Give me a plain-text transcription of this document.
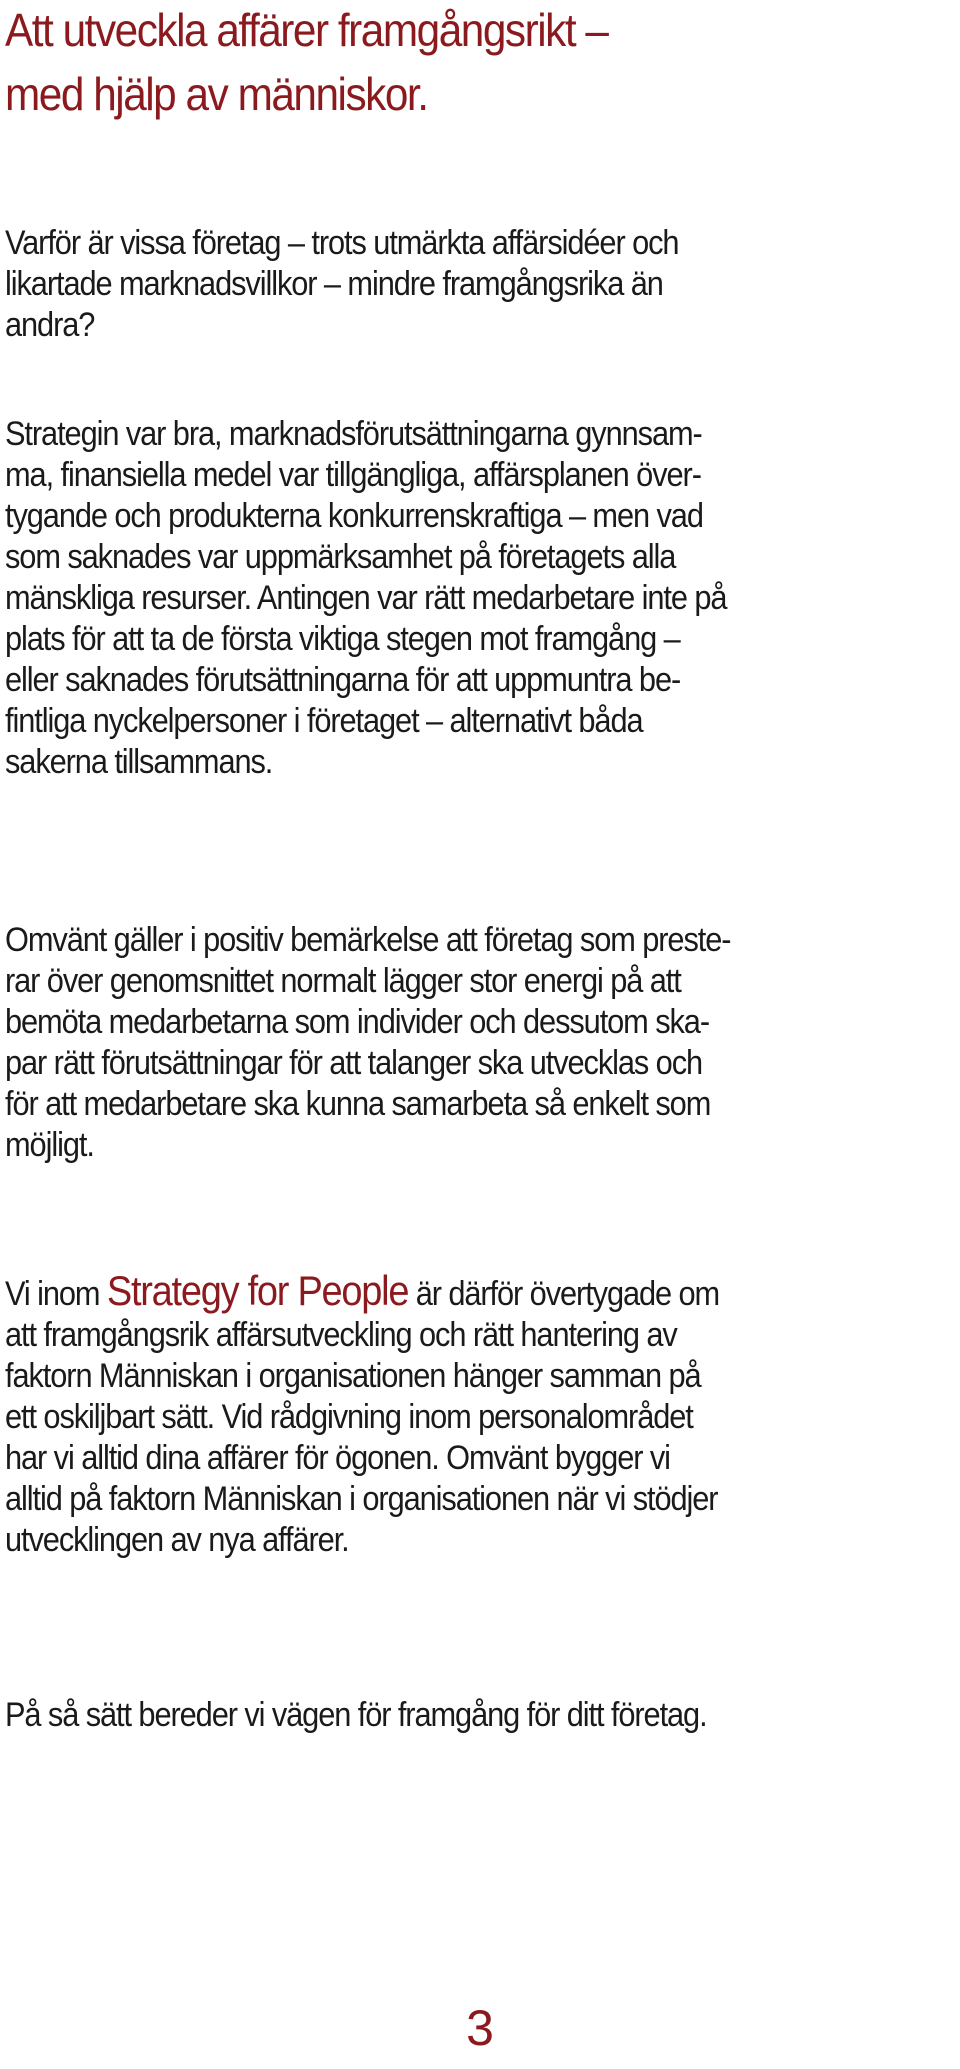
Att utveckla affärer framgångsrikt –
med hjälp av människor.

Varför är vissa företag – trots utmärkta affärsidéer och
likartade marknadsvillkor – mindre framgångsrika än
andra?

Strategin var bra, marknadsförutsättningarna gynnsam-
ma, finansiella medel var tillgängliga, affärsplanen över-
tygande och produkterna konkurrenskraftiga – men vad
som saknades var uppmärksamhet på företagets alla
mänskliga resurser. Antingen var rätt medarbetare inte på
plats för att ta de första viktiga stegen mot framgång –
eller saknades förutsättningarna för att uppmuntra be-
fintliga nyckelpersoner i företaget – alternativt båda
sakerna tillsammans.

Omvänt gäller i positiv bemärkelse att företag som preste-
rar över genomsnittet normalt lägger stor energi på att
bemöta medarbetarna som individer och dessutom ska-
par rätt förutsättningar för att talanger ska utvecklas och
för att medarbetare ska kunna samarbeta så enkelt som
möjligt.

Vi inom Strategy for People är därför övertygade om
att framgångsrik affärsutveckling och rätt hantering av
faktorn Människan i organisationen hänger samman på
ett oskiljbart sätt. Vid rådgivning inom personalområdet
har vi alltid dina affärer för ögonen. Omvänt bygger vi
alltid på faktorn Människan i organisationen när vi stödjer
utvecklingen av nya affärer.

På så sätt bereder vi vägen för framgång för ditt företag.

3
